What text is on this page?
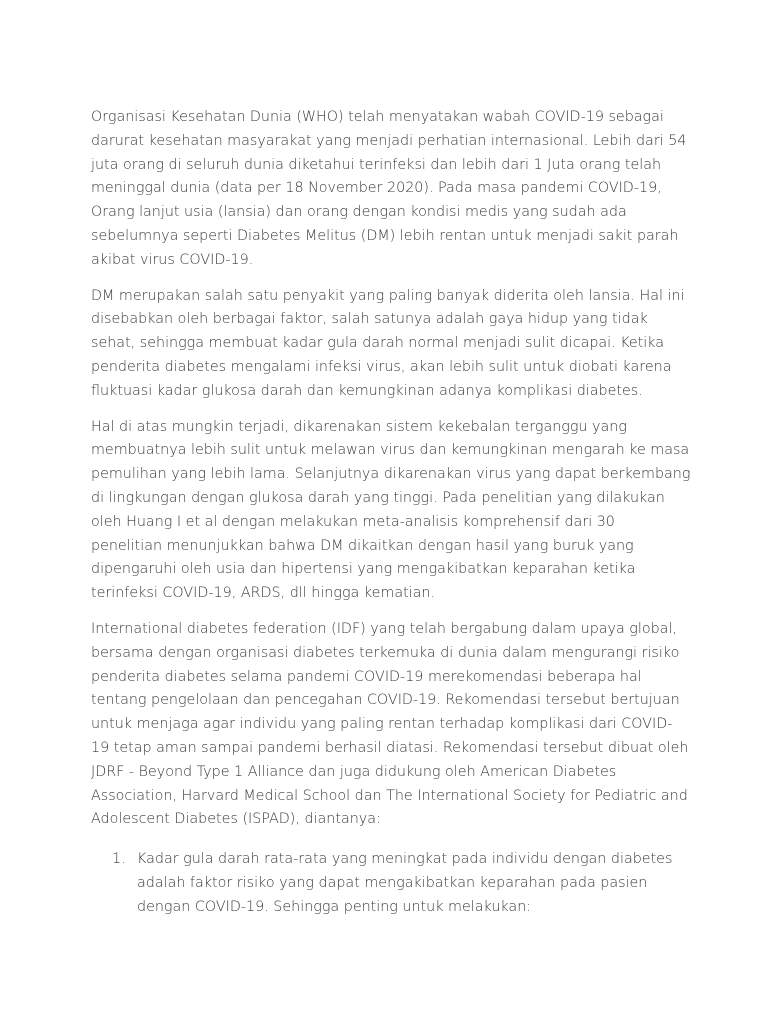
Organisasi Kesehatan Dunia (WHO) telah menyatakan wabah COVID-19 sebagai
darurat kesehatan masyarakat yang menjadi perhatian internasional. Lebih dari 54
juta orang di seluruh dunia diketahui terinfeksi dan lebih dari 1 Juta orang telah
meninggal dunia (data per 18 November 2020). Pada masa pandemi COVID-19,
Orang lanjut usia (lansia) dan orang dengan kondisi medis yang sudah ada
sebelumnya seperti Diabetes Melitus (DM) lebih rentan untuk menjadi sakit parah
akibat virus COVID-19.

DM merupakan salah satu penyakit yang paling banyak diderita oleh lansia. Hal ini
disebabkan oleh berbagai faktor, salah satunya adalah gaya hidup yang tidak
sehat, sehingga membuat kadar gula darah normal menjadi sulit dicapai. Ketika
penderita diabetes mengalami infeksi virus, akan lebih sulit untuk diobati karena
fluktuasi kadar glukosa darah dan kemungkinan adanya komplikasi diabetes.

Hal di atas mungkin terjadi, dikarenakan sistem kekebalan terganggu yang
membuatnya lebih sulit untuk melawan virus dan kemungkinan mengarah ke masa
pemulihan yang lebih lama. Selanjutnya dikarenakan virus yang dapat berkembang
di lingkungan dengan glukosa darah yang tinggi. Pada penelitian yang dilakukan
oleh Huang I et al dengan melakukan meta-analisis komprehensif dari 30
penelitian menunjukkan bahwa DM dikaitkan dengan hasil yang buruk yang
dipengaruhi oleh usia dan hipertensi yang mengakibatkan keparahan ketika
terinfeksi COVID-19, ARDS, dll hingga kematian.

International diabetes federation (IDF) yang telah bergabung dalam upaya global,
bersama dengan organisasi diabetes terkemuka di dunia dalam mengurangi risiko
penderita diabetes selama pandemi COVID-19 merekomendasi beberapa hal
tentang pengelolaan dan pencegahan COVID-19. Rekomendasi tersebut bertujuan
untuk menjaga agar individu yang paling rentan terhadap komplikasi dari COVID-
19 tetap aman sampai pandemi berhasil diatasi. Rekomendasi tersebut dibuat oleh
JDRF - Beyond Type 1 Alliance dan juga didukung oleh American Diabetes
Association, Harvard Medical School dan The International Society for Pediatric and
Adolescent Diabetes (ISPAD), diantanya:

1. Kadar gula darah rata-rata yang meningkat pada individu dengan diabetes
adalah faktor risiko yang dapat mengakibatkan keparahan pada pasien
dengan COVID-19. Sehingga penting untuk melakukan:
